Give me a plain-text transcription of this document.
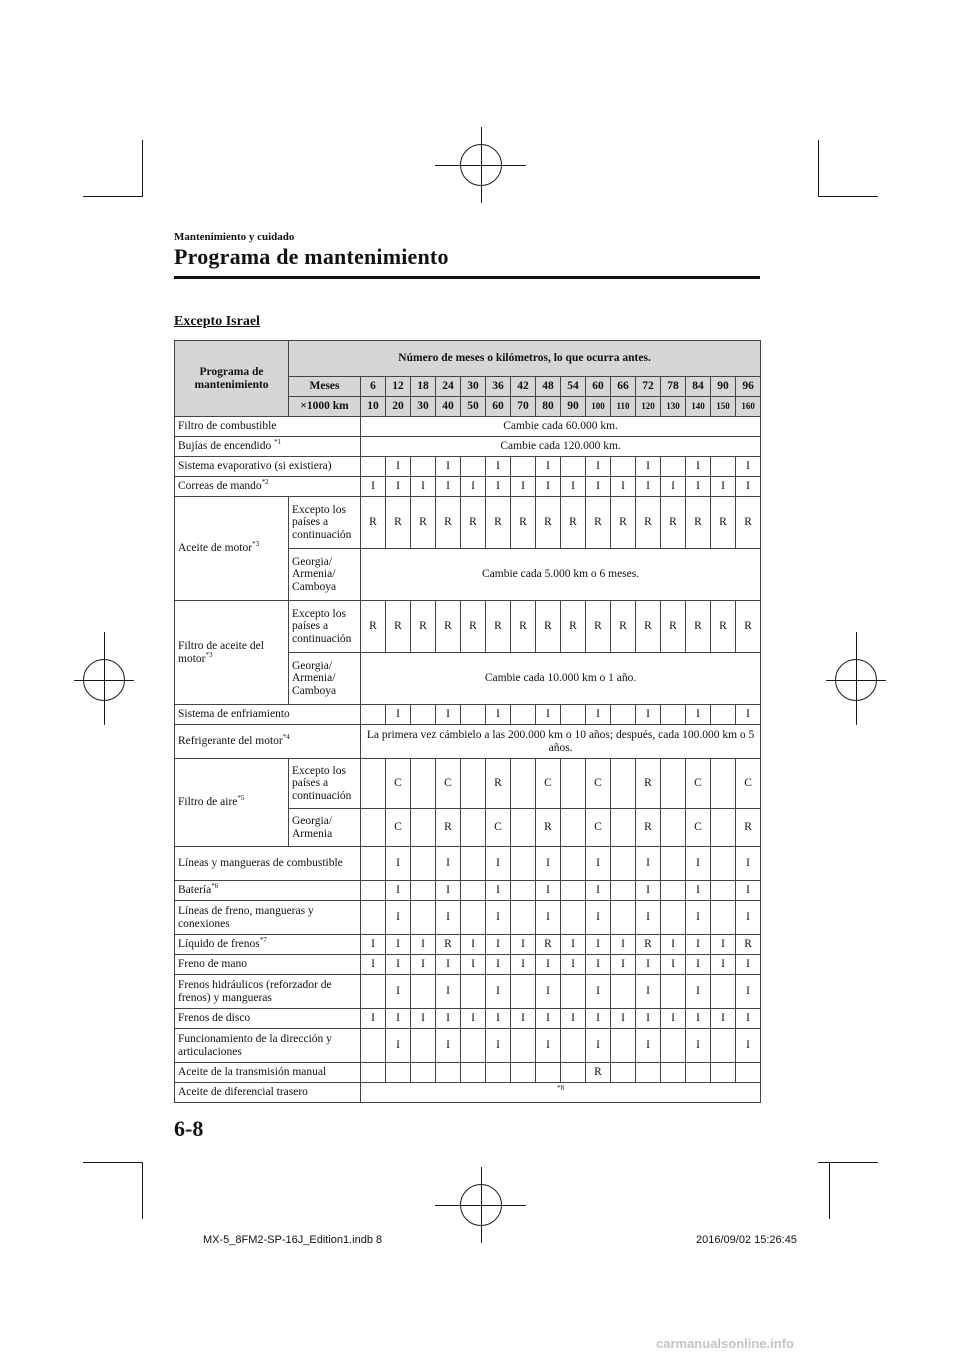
Mantenimiento y cuidado
Programa de mantenimiento
Excepto Israel
Programa de mantenimiento	Número de meses o kilómetros, lo que ocurra antes.																
	Meses	6	12	18	24	30	36	42	48	54	60	66	72	78	84	90	96
	×1000 km	10	20	30	40	50	60	70	80	90	100	110	120	130	140	150	160
Filtro de combustible		Cambie cada 60.000 km.															
Bujías de encendido $^{*1}$		Cambie cada 120.000 km.															
Sistema evaporativo (si existiera)			I		I		I		I		I		I		I		I
Correas de mando$^{*2}$		I	I	I	I	I	I	I	I	I	I	I	I	I	I	I	I
Aceite de motor$^{*3}$	Excepto los países a continuación	R	R	R	R	R	R	R	R	R	R	R	R	R	R	R	R
	Georgia/ Armenia/ Camboya	Cambie cada 5.000 km o 6 meses.															
Filtro de aceite del motor$^{*3}$	Excepto los países a continuación	R	R	R	R	R	R	R	R	R	R	R	R	R	R	R	R
	Georgia/ Armenia/ Camboya	Cambie cada 10.000 km o 1 año.															
Sistema de enfriamiento			I		I		I		I		I		I		I		I
Refrigerante del motor$^{*4}$		La primera vez cámbielo a las 200.000 km o 10 años; después, cada 100.000 km o 5 años.															
Filtro de aire$^{*5}$	Excepto los países a continuación		C		C		R		C		C		R		C		C
	Georgia/ Armenia		C		R		C		R		C		R		C		R
Líneas y mangueras de combustible			I		I		I		I		I		I		I		I
Batería$^{*6}$			I		I		I		I		I		I		I		I
Líneas de freno, mangueras y conexiones			I		I		I		I		I		I		I		I
Líquido de frenos$^{*7}$		I	I	I	R	I	I	I	R	I	I	I	R	I	I	I	R
Freno de mano		I	I	I	I	I	I	I	I	I	I	I	I	I	I	I	I
Frenos hidráulicos (reforzador de frenos) y mangueras			I		I		I		I		I		I		I		I
Frenos de disco		I	I	I	I	I	I	I	I	I	I	I	I	I	I	I	I
Funcionamiento de la dirección y articulaciones			I		I		I		I		I		I		I		I
Aceite de la transmisión manual											R						
Aceite de diferencial trasero		$^{*8}$
6-8
MX-5_8FM2-SP-16J_Edition1.indb 8	2016/09/02 15:26:45
carmanualsonline.info
